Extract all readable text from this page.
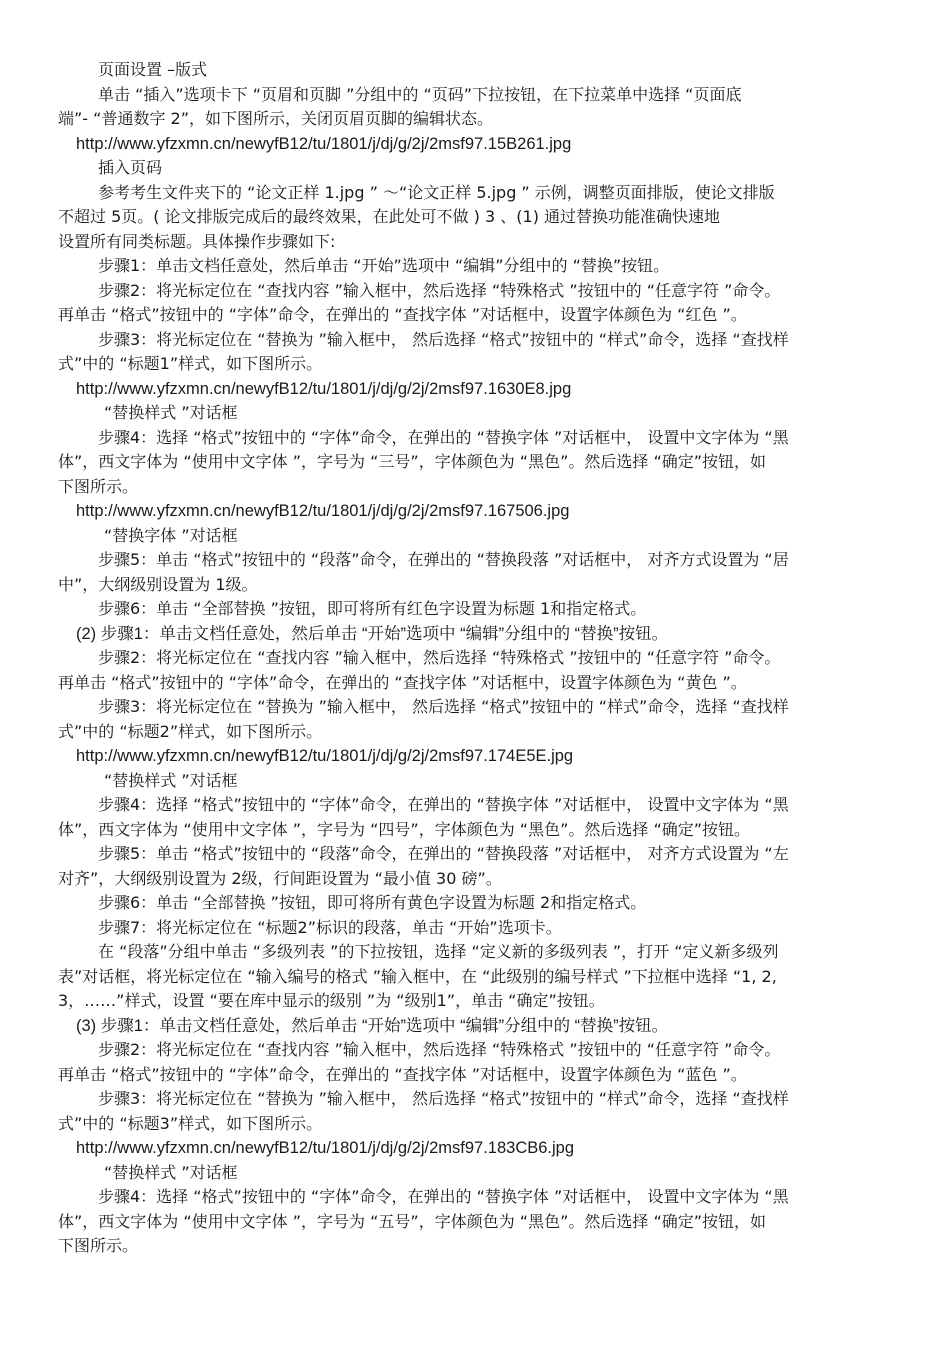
页面设置 –版式
单击 “插入”选项卡下 “页眉和页脚 ”分组中的 “页码”下拉按钮，在下拉菜单中选择 “页面底
端”- “普通数字 2”，如下图所示，关闭页眉页脚的编辑状态。
http://www.yfzxmn.cn/newyfB12/tu/1801/j/dj/g/2j/2msf97.15B261.jpg
插入页码
参考考生文件夹下的 “论文正样 1.jpg ” ～“论文正样 5.jpg ” 示例，调整页面排版，使论文排版
不超过 5页。( 论文排版完成后的最终效果，在此处可不做 ) 3 、(1) 通过替换功能准确快速地
设置所有同类标题。具体操作步骤如下:
步骤1：单击文档任意处，然后单击 “开始”选项中 “编辑”分组中的 “替换”按钮。
步骤2：将光标定位在 “查找内容 ”输入框中，然后选择 “特殊格式 ”按钮中的 “任意字符 ”命令。
再单击 “格式”按钮中的 “字体”命令，在弹出的 “查找字体 ”对话框中，设置字体颜色为 “红色 ”。
步骤3：将光标定位在 “替换为 ”输入框中， 然后选择 “格式”按钮中的 “样式”命令，选择 “查找样
式”中的 “标题1”样式，如下图所示。
http://www.yfzxmn.cn/newyfB12/tu/1801/j/dj/g/2j/2msf97.1630E8.jpg
“替换样式 ”对话框
步骤4：选择 “格式”按钮中的 “字体”命令，在弹出的 “替换字体 ”对话框中， 设置中文字体为 “黑
体”，西文字体为 “使用中文字体 ”，字号为 “三号”，字体颜色为 “黑色”。然后选择 “确定”按钮，如
下图所示。
http://www.yfzxmn.cn/newyfB12/tu/1801/j/dj/g/2j/2msf97.167506.jpg
“替换字体 ”对话框
步骤5：单击 “格式”按钮中的 “段落”命令，在弹出的 “替换段落 ”对话框中， 对齐方式设置为 “居
中”，大纲级别设置为 1级。
步骤6：单击 “全部替换 ”按钮，即可将所有红色字设置为标题 1和指定格式。
(2) 步骤1：单击文档任意处，然后单击 “开始”选项中 “编辑”分组中的 “替换”按钮。
步骤2：将光标定位在 “查找内容 ”输入框中，然后选择 “特殊格式 ”按钮中的 “任意字符 ”命令。
再单击 “格式”按钮中的 “字体”命令，在弹出的 “查找字体 ”对话框中，设置字体颜色为 “黄色 ”。
步骤3：将光标定位在 “替换为 ”输入框中， 然后选择 “格式”按钮中的 “样式”命令，选择 “查找样
式”中的 “标题2”样式，如下图所示。
http://www.yfzxmn.cn/newyfB12/tu/1801/j/dj/g/2j/2msf97.174E5E.jpg
“替换样式 ”对话框
步骤4：选择 “格式”按钮中的 “字体”命令，在弹出的 “替换字体 ”对话框中， 设置中文字体为 “黑
体”，西文字体为 “使用中文字体 ”，字号为 “四号”，字体颜色为 “黑色”。然后选择 “确定”按钮。
步骤5：单击 “格式”按钮中的 “段落”命令，在弹出的 “替换段落 ”对话框中， 对齐方式设置为 “左
对齐”，大纲级别设置为 2级，行间距设置为 “最小值 30 磅”。
步骤6：单击 “全部替换 ”按钮，即可将所有黄色字设置为标题 2和指定格式。
步骤7：将光标定位在 “标题2”标识的段落，单击 “开始”选项卡。
在 “段落”分组中单击 “多级列表 ”的下拉按钮，选择 “定义新的多级列表 ”，打开 “定义新多级列
表”对话框，将光标定位在 “输入编号的格式 ”输入框中，在 “此级别的编号样式 ”下拉框中选择 “1, 2,
3，……”样式，设置 “要在库中显示的级别 ”为 “级别1”，单击 “确定”按钮。
(3) 步骤1：单击文档任意处，然后单击 “开始”选项中 “编辑”分组中的 “替换”按钮。
步骤2：将光标定位在 “查找内容 ”输入框中，然后选择 “特殊格式 ”按钮中的 “任意字符 ”命令。
再单击 “格式”按钮中的 “字体”命令，在弹出的 “查找字体 ”对话框中，设置字体颜色为 “蓝色 ”。
步骤3：将光标定位在 “替换为 ”输入框中， 然后选择 “格式”按钮中的 “样式”命令，选择 “查找样
式”中的 “标题3”样式，如下图所示。
http://www.yfzxmn.cn/newyfB12/tu/1801/j/dj/g/2j/2msf97.183CB6.jpg
“替换样式 ”对话框
步骤4：选择 “格式”按钮中的 “字体”命令，在弹出的 “替换字体 ”对话框中， 设置中文字体为 “黑
体”，西文字体为 “使用中文字体 ”，字号为 “五号”，字体颜色为 “黑色”。然后选择 “确定”按钮，如
下图所示。
